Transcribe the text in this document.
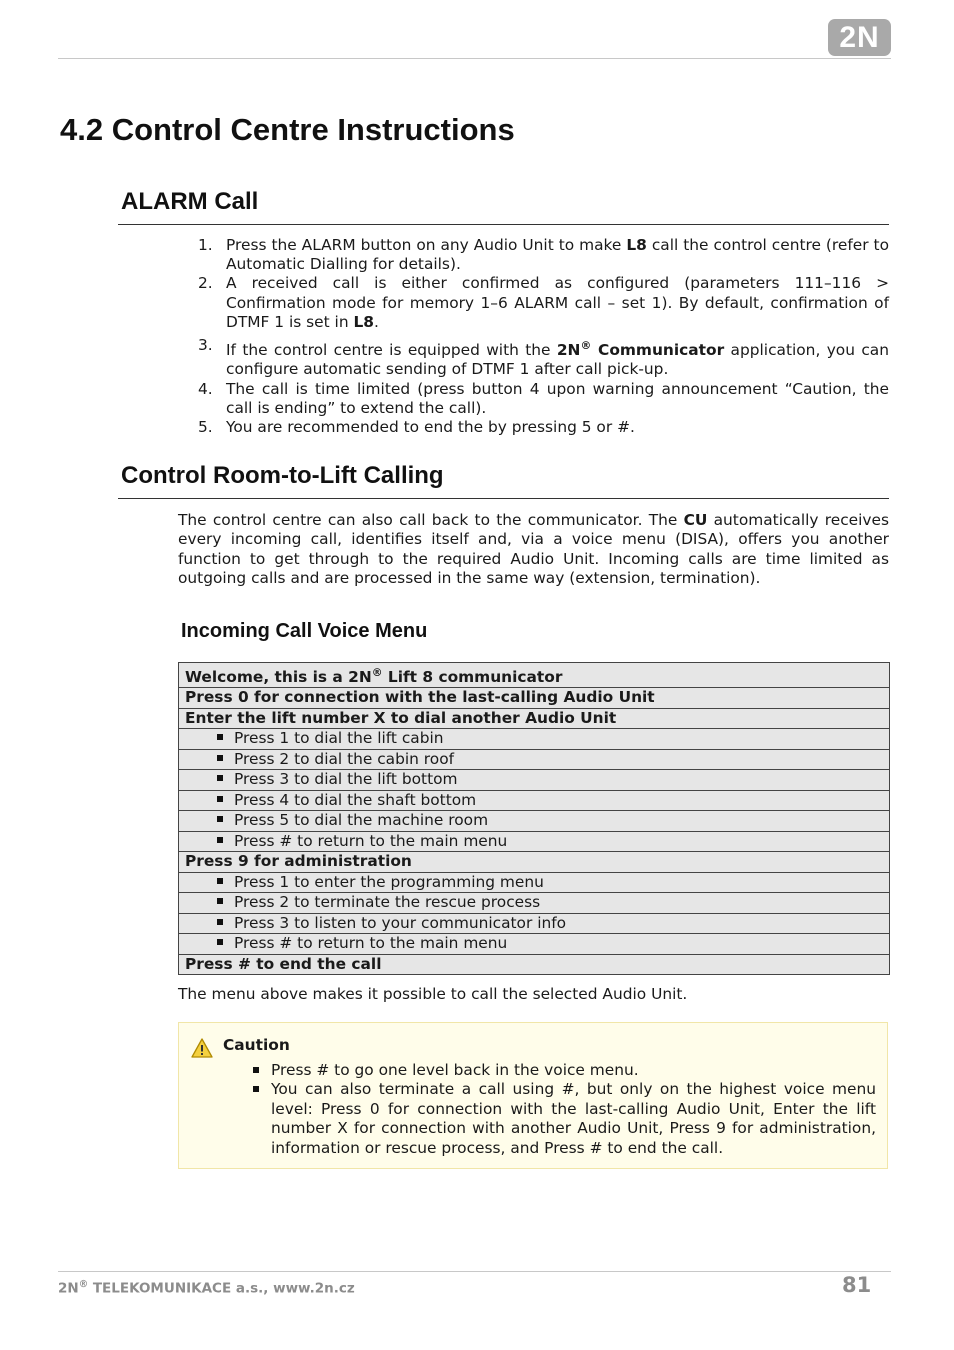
2N
4.2 Control Centre Instructions
ALARM Call
1. Press the ALARM button on any Audio Unit to make L8 call the control centre (refer to Automatic Dialling for details).
2. A received call is either confirmed as configured (parameters 111–116 > Confirmation mode for memory 1–6 ALARM call – set 1). By default, confirmation of DTMF 1 is set in L8.
3. If the control centre is equipped with the 2N® Communicator application, you can configure automatic sending of DTMF 1 after call pick-up.
4. The call is time limited (press button 4 upon warning announcement “Caution, the call is ending” to extend the call).
5. You are recommended to end the by pressing 5 or #.
Control Room-to-Lift Calling
The control centre can also call back to the communicator. The CU automatically receives every incoming call, identifies itself and, via a voice menu (DISA), offers you another function to get through to the required Audio Unit. Incoming calls are time limited as outgoing calls and are processed in the same way (extension, termination).
Incoming Call Voice Menu
Welcome, this is a 2N® Lift 8 communicator
Press 0 for connection with the last-calling Audio Unit
Enter the lift number X to dial another Audio Unit
Press 1 to dial the lift cabin
Press 2 to dial the cabin roof
Press 3 to dial the lift bottom
Press 4 to dial the shaft bottom
Press 5 to dial the machine room
Press # to return to the main menu
Press 9 for administration
Press 1 to enter the programming menu
Press 2 to terminate the rescue process
Press 3 to listen to your communicator info
Press # to return to the main menu
Press # to end the call
The menu above makes it possible to call the selected Audio Unit.
Caution
Press # to go one level back in the voice menu.
You can also terminate a call using #, but only on the highest voice menu level: Press 0 for connection with the last-calling Audio Unit, Enter the lift number X for connection with another Audio Unit, Press 9 for administration, information or rescue process, and Press # to end the call.
2N® TELEKOMUNIKACE a.s., www.2n.cz	81
